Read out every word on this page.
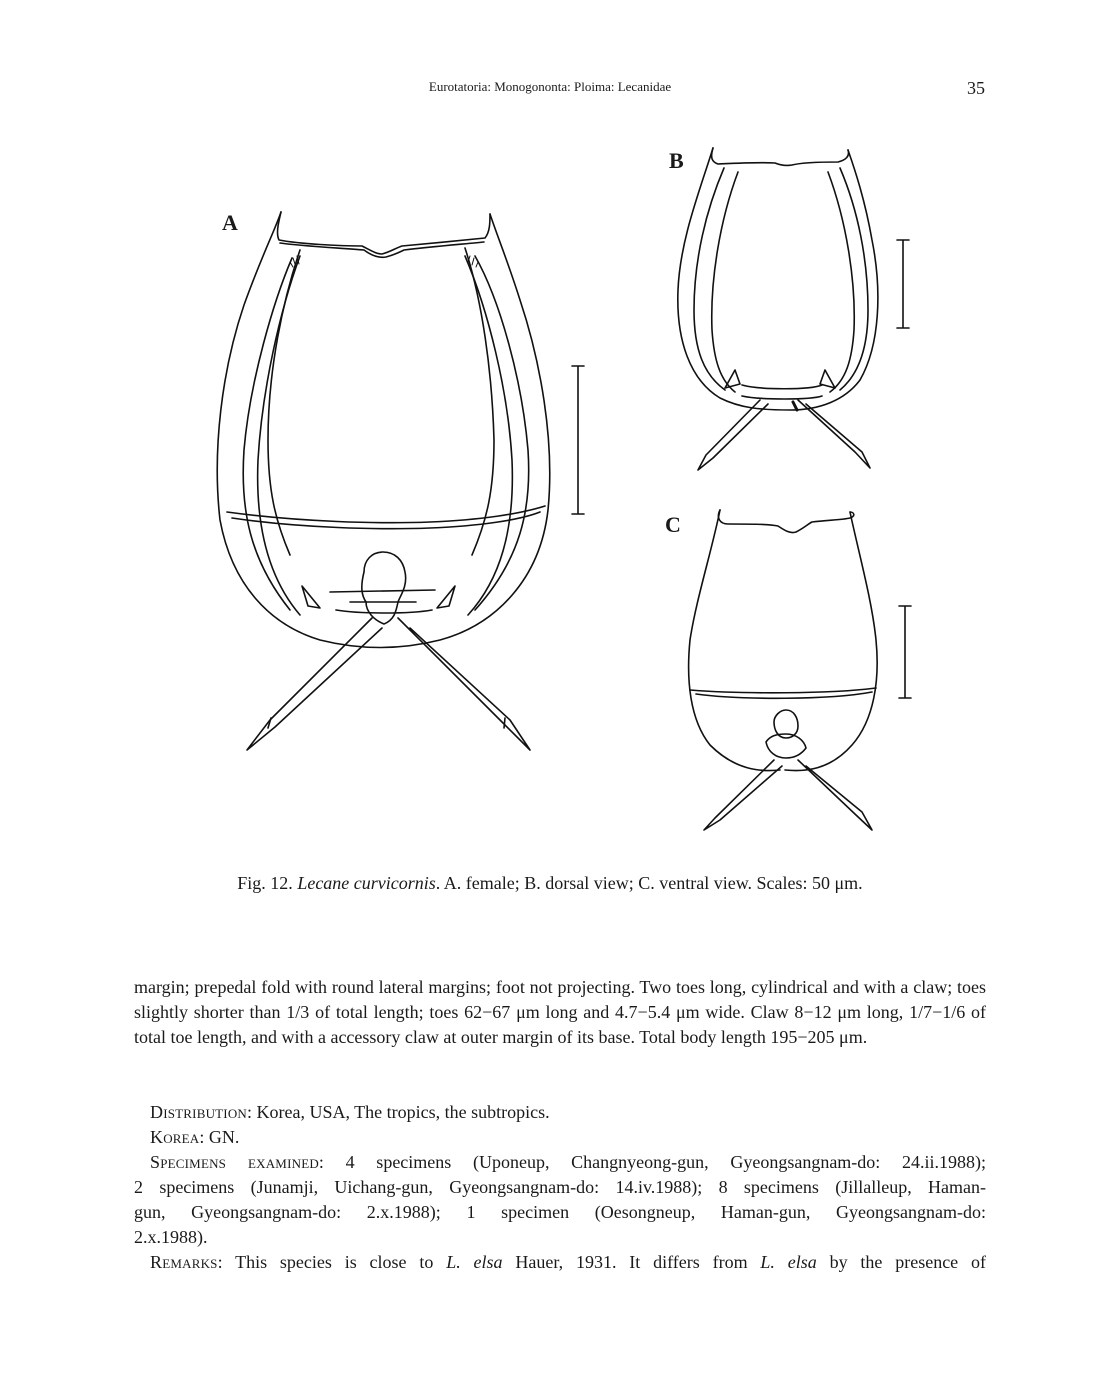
Eurotatoria: Monogononta: Ploima: Lecanidae	35
A
B
C
Fig. 12. Lecane curvicornis. A. female; B. dorsal view; C. ventral view. Scales: 50 μm.
margin; prepedal fold with round lateral margins; foot not projecting. Two toes long, cylindrical and with a claw; toes slightly shorter than 1/3 of total length; toes 62−67 μm long and 4.7−5.4 μm wide. Claw 8−12 μm long, 1/7−1/6 of total toe length, and with a accessory claw at outer margin of its base. Total body length 195−205 μm.
Distribution: Korea, USA, The tropics, the subtropics.
Korea: GN.
Specimens examined: 4 specimens (Uponeup, Changnyeong-gun, Gyeongsangnam-do: 24.ii.1988);
2 specimens (Junamji, Uichang-gun, Gyeongsangnam-do: 14.iv.1988); 8 specimens (Jillalleup, Haman-
gun, Gyeongsangnam-do: 2.x.1988); 1 specimen (Oesongneup, Haman-gun, Gyeongsangnam-do:
2.x.1988).
Remarks: This species is close to L. elsa Hauer, 1931. It differs from L. elsa by the presence of
